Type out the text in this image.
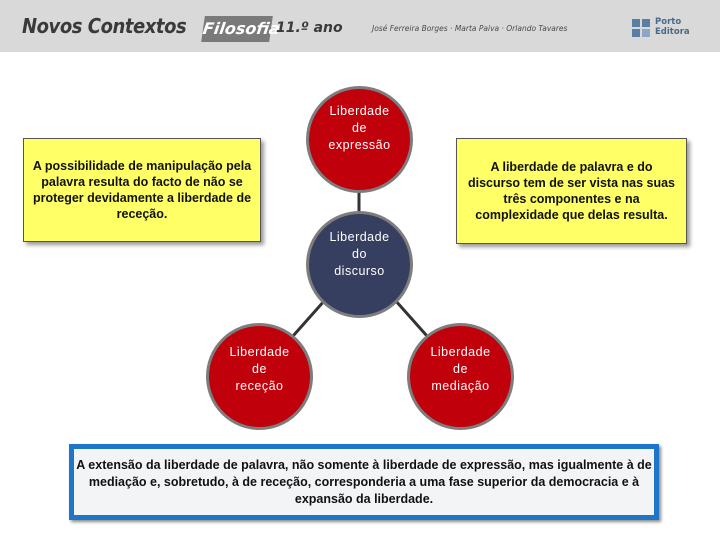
Novos Contextos Filosofia
11.º ano	José Ferreira Borges · Marta Paiva · Orlando Tavares
Porto
Editora
Liberdade
de
expressão
Liberdade
do
discurso
Liberdade
de
receção
Liberdade
de
mediação
A possibilidade de manipulação pela palavra resulta do facto de não se proteger devidamente a liberdade de receção.
A liberdade de palavra e do discurso tem de ser vista nas suas três componentes e na complexidade que delas resulta.
A extensão da liberdade de palavra, não somente à liberdade de expressão, mas igualmente à de mediação e, sobretudo, à de receção, corresponderia a uma fase superior da democracia e à expansão da liberdade.
